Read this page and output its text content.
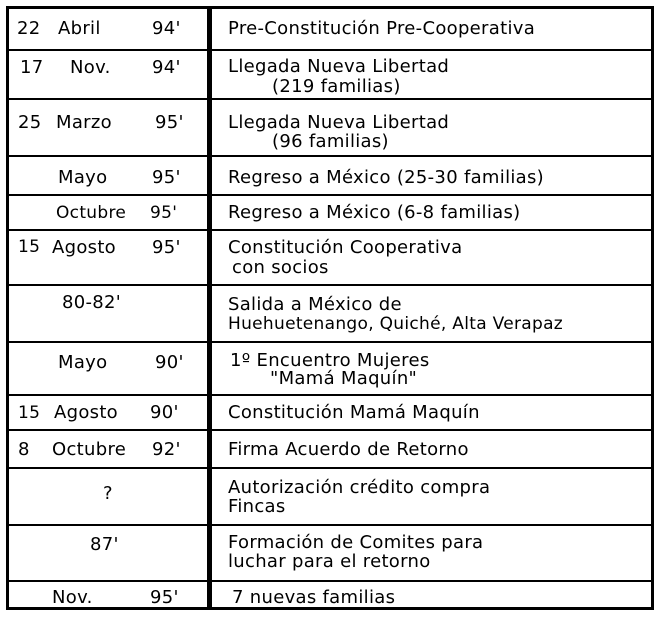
22 Abril	94'	Pre-Constitución Pre-Cooperativa
17 Nov. 94'	Llegada Nueva Libertad
(219 familias)
25 Marzo 95' Llegada Nueva Libertad
(96 familias)
Mayo 95'	Regreso a México (25-30 familias)
Octubre 95'	Regreso a México (6-8 familias)
15 Agosto 95'	Constitución Cooperativa
con socios
80-82'	Salida a México de
Huehuetenango, Quiché, Alta Verapaz
Mayo	90'	1º Encuentro Mujeres
"Mamá Maquín"
15 Agosto 90'	Constitución Mamá Maquín
8 Octubre 92'	Firma Acuerdo de Retorno
?	Autorización crédito compra
Fincas
87'	Formación de Comites para
luchar para el retorno
Nov.	95'	7 nuevas familias
